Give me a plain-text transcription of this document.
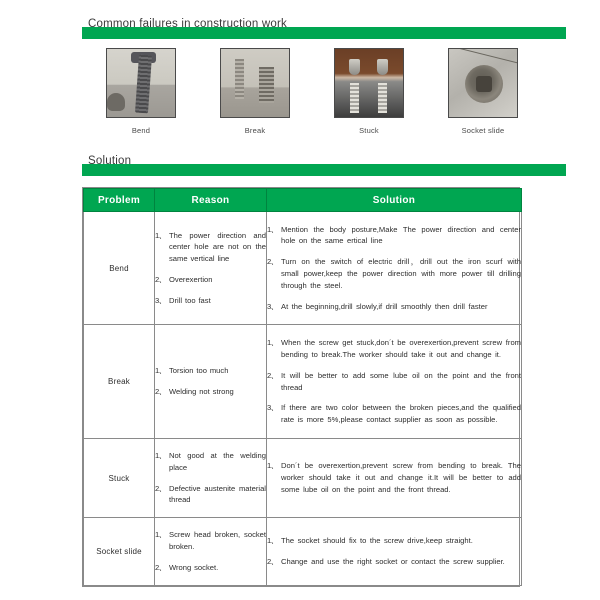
Common failures in construction work
Bend	Break	Stuck	Socket slide
Solution
Problem	Reason	Solution
Bend	
1、 The power direction and center hole are not on the same vertical line
2、 Overexertion
3、 Drill too fast

1、 Mention the body posture,Make The power direction and center hole on the same ertical line
2、 Turn on the switch of electric drill，drill out the iron scurf with small power,keep the power direction with more power till drilling through the steel.
3、 At the beginning,drill slowly,if drill smoothly then drill faster

Break	
1、 Torsion too much
2、 Welding not strong

1、 When the screw get stuck,don´t be overexertion,prevent screw from bending to break.The worker should take it out and change it.
2、 It will be better to add some lube oil on the point and the front thread
3、 If there are two color between the broken pieces,and the qualified rate is more 5%,please contact supplier as soon as possible.

Stuck	
1、 Not good at the welding place
2、 Defective austenite material thread

1、 Don´t be overexertion,prevent screw from bending to break. The worker should take it out and change it.It will be better to add some lube oil on the point and the front thread.

Socket slide	
1、 Screw head broken, socket broken.
2、 Wrong socket.

1、 The socket should fix to the screw drive,keep straight.
2、 Change and use the right socket or contact the screw supplier.
